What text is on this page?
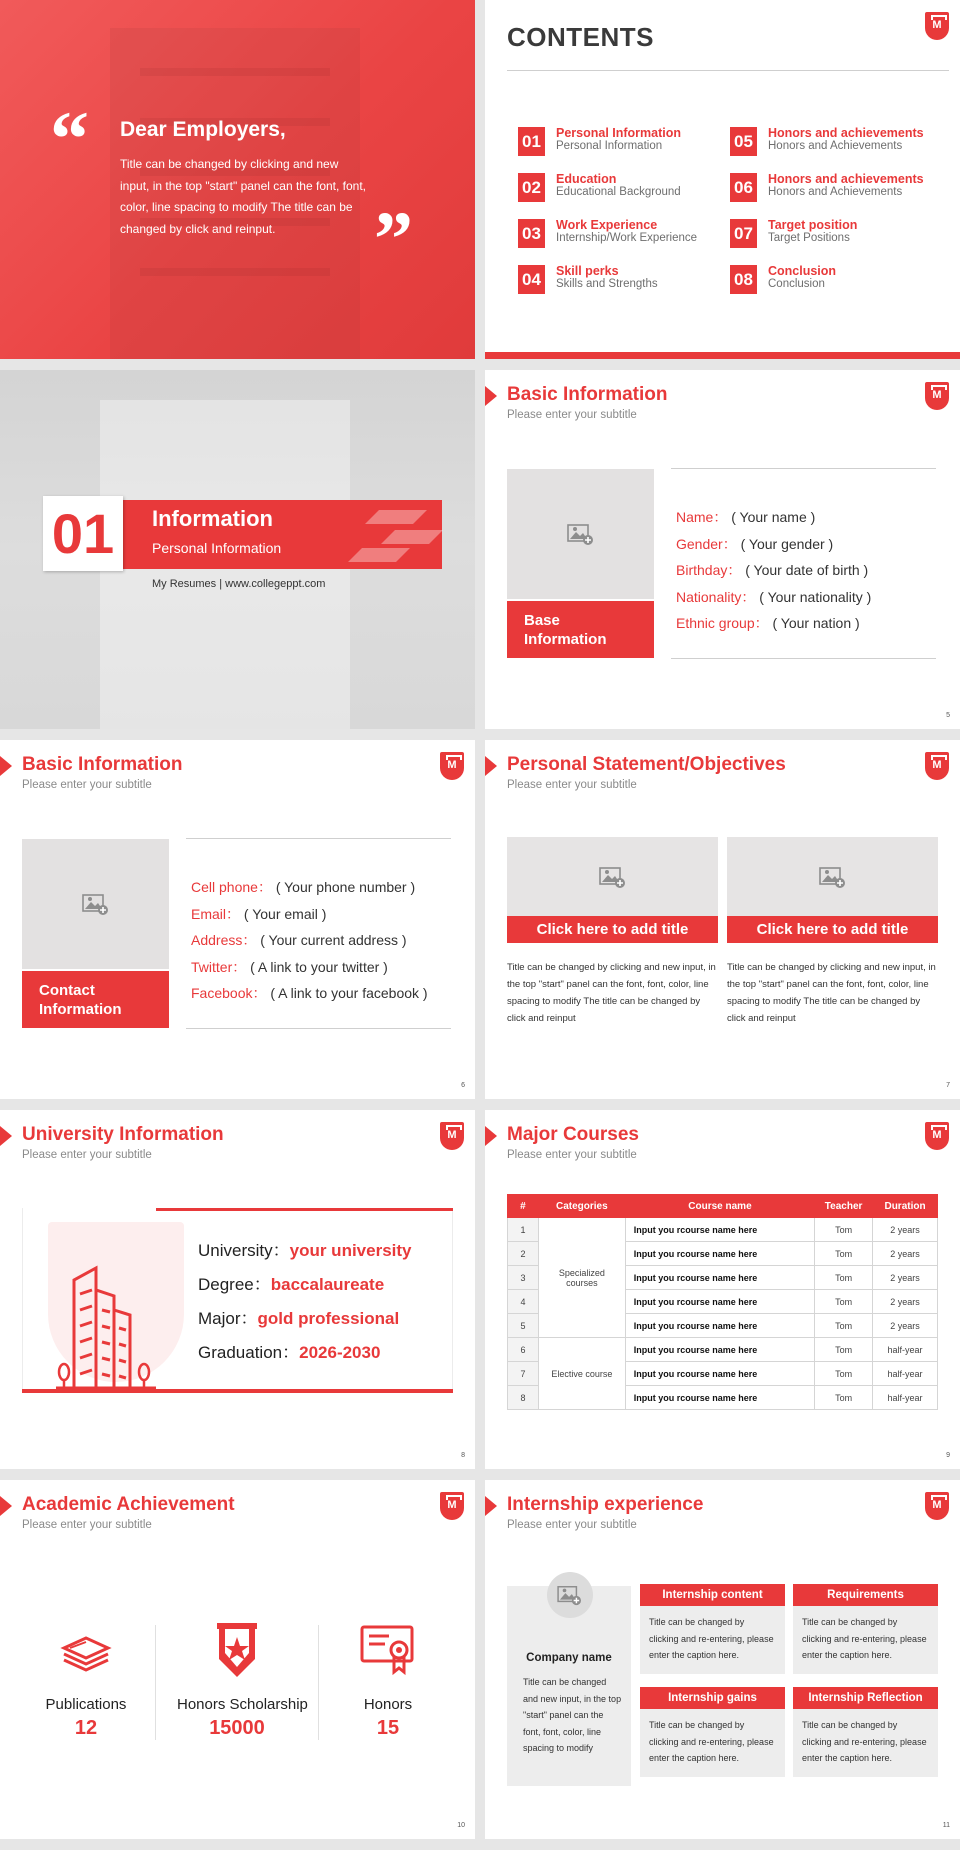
“ Dear Employers,
Title can be changed by clicking and new input, in the top "start" panel can the font, font, color, line spacing to modify The title can be changed by click and reinput.	”
CONTENTS
M
01	Personal Information
Personal Information
02	Education
Educational Background
03	Work Experience
Internship/Work Experience
04	Skill perks
Skills and Strengths
05	Honors and achievements
Honors and Achievements
06	Honors and achievements
Honors and Achievements
07	Target position
Target Positions
08	Conclusion
Conclusion
01	Information
Personal Information
My Resumes | www.collegeppt.com
Basic Information
Please enter your subtitle
M
Base Information
Name： ( Your name )
Gender： ( Your gender )
Birthday： ( Your date of birth )
Nationality： ( Your nationality )
Ethnic group： ( Your nation )
5
Basic Information
Please enter your subtitle
M
Contact Information
Cell phone： ( Your phone number )
Email： ( Your email )
Address： ( Your current address )
Twitter： ( A link to your twitter )
Facebook： ( A link to your facebook )
6
Personal Statement/Objectives
Please enter your subtitle
M
Click here to add title
Title can be changed by clicking and new input, in the top "start" panel can the font, font, color, line spacing to modify The title can be changed by click and reinput
Click here to add title
Title can be changed by clicking and new input, in the top "start" panel can the font, font, color, line spacing to modify The title can be changed by click and reinput
7
University Information
Please enter your subtitle
M
University：your university
Degree：baccalaureate
Major：gold professional
Graduation：2026-2030
8
Major Courses
Please enter your subtitle
M
#	Categories	Course name	Teacher	Duration
1	Specialized courses	Input you rcourse name here	Tom	2 years
2		Input you rcourse name here	Tom	2 years
3		Input you rcourse name here	Tom	2 years
4		Input you rcourse name here	Tom	2 years
5		Input you rcourse name here	Tom	2 years
6	Elective course	Input you rcourse name here	Tom	half-year
7		Input you rcourse name here	Tom	half-year
8		Input you rcourse name here	Tom	half-year
9
Academic Achievement
Please enter your subtitle
M
Publications
12
Honors Scholarship
15000
Honors
15
10
Internship experience
Please enter your subtitle
M
Company name
Title can be changed and new input, in the top "start" panel can the font, font, color, line spacing to modify
Internship content
Title can be changed by clicking and re-entering, please enter the caption here.
Requirements
Title can be changed by clicking and re-entering, please enter the caption here.
Internship gains
Title can be changed by clicking and re-entering, please enter the caption here.
Internship Reflection
Title can be changed by clicking and re-entering, please enter the caption here.
11
